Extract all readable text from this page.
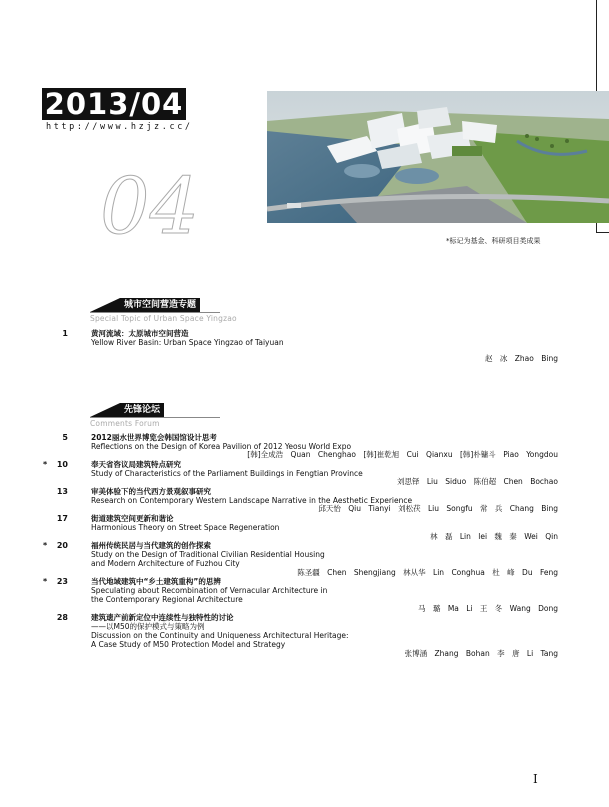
2013/04
http://www.hzjz.cc/
04	*标记为基金、科研项目类成果
城市空间营造专题
Special Topic of Urban Space Yingzao
1	黄河流域：太原城市空间营造
Yellow River Basin: Urban Space Yingzao of Taiyuan
赵 冰 Zhao Bing
先锋论坛
Comments Forum
5	2012丽水世界博览会韩国馆设计思考
Reflections on the Design of Korea Pavilion of 2012 Yeosu World Expo
[韩]全成浩 Quan Chenghao [韩]崔乾旭 Cui Qianxu [韩]朴镛斗 Piao Yongdou
*	10	奉天省咨议局建筑特点研究
Study of Characteristics of the Parliament Buildings in Fengtian Province
刘思铎 Liu Siduo 陈伯超 Chen Bochao
13	审美体验下的当代西方景观叙事研究
Research on Contemporary Western Landscape Narrative in the Aesthetic Experience
邱天怡 Qiu Tianyi 刘松茯 Liu Songfu 常 兵 Chang Bing
17	街道建筑空间更新和谐论
Harmonious Theory on Street Space Regeneration
林 磊 Lin lei 魏 秦 Wei Qin
*	20	福州传统民居与当代建筑的创作探索
Study on the Design of Traditional Civilian Residential Housing
and Modern Architecture of Fuzhou City
陈圣疆 Chen Shengjiang 林从华 Lin Conghua 杜 峰 Du Feng
*	23	当代地域建筑中“乡土建筑重构”的思辨
Speculating about Recombination of Vernacular Architecture in
the Contemporary Regional Architecture
马 璐 Ma Li 王 冬 Wang Dong
28	建筑遗产前新定位中连续性与独特性的讨论
——以M50的保护模式与策略为例
Discussion on the Continuity and Uniqueness Architectural Heritage:
A Case Study of M50 Protection Model and Strategy
张博涵 Zhang Bohan 李 唐 Li Tang
I
